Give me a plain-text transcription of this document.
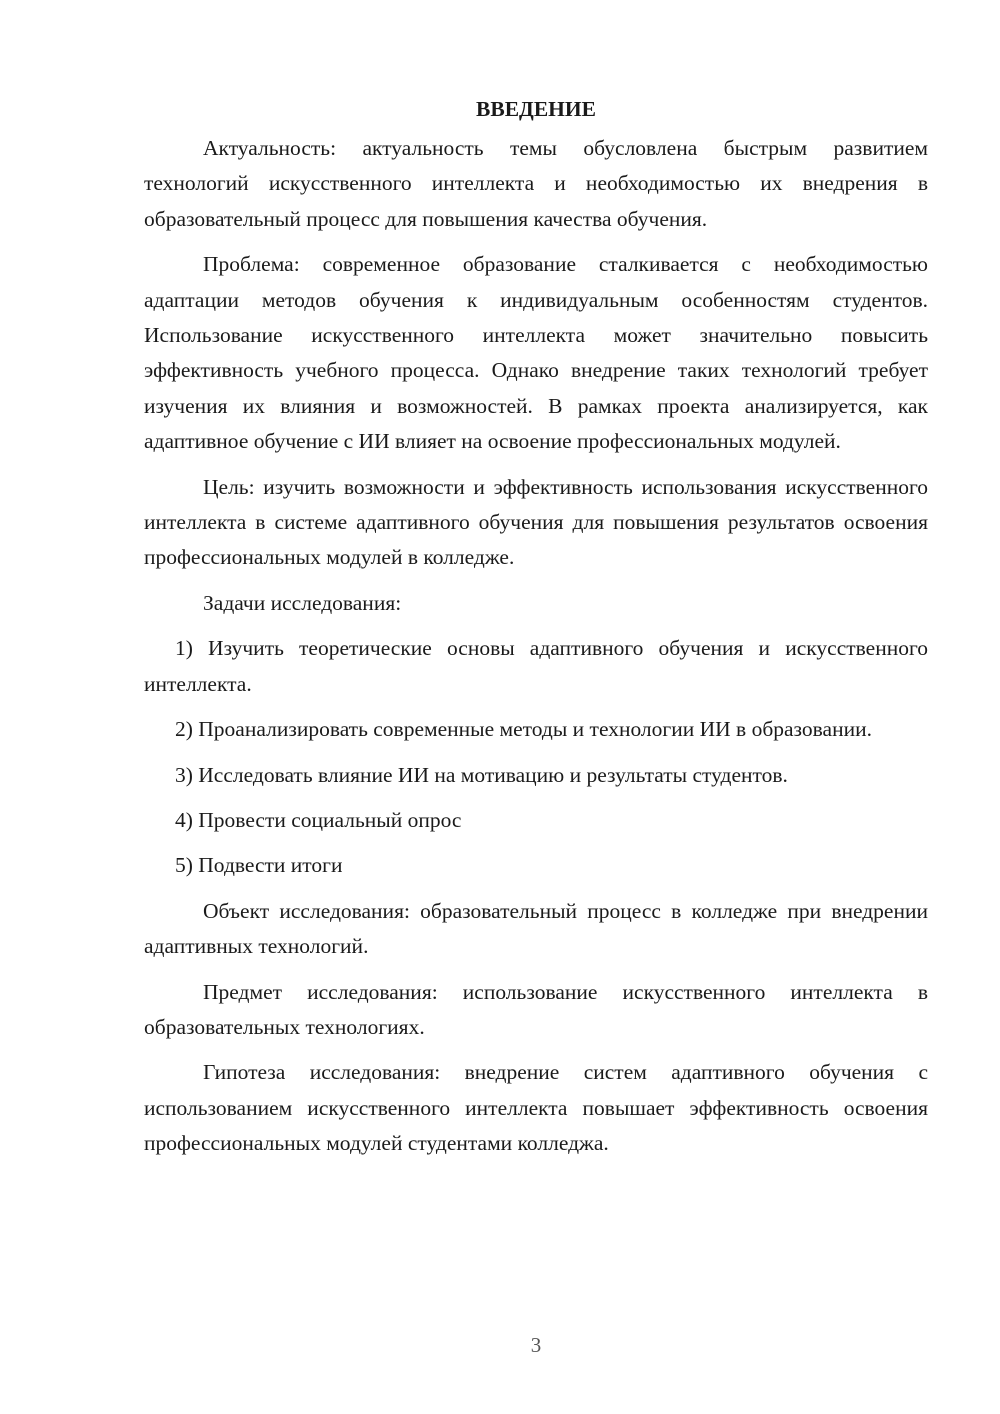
ВВЕДЕНИЕ

Актуальность: актуальность темы обусловлена быстрым развитием технологий искусственного интеллекта и необходимостью их внедрения в образовательный процесс для повышения качества обучения.

Проблема: современное образование сталкивается с необходимостью адаптации методов обучения к индивидуальным особенностям студентов. Использование искусственного интеллекта может значительно повысить эффективность учебного процесса. Однако внедрение таких технологий требует изучения их влияния и возможностей. В рамках проекта анализируется, как адаптивное обучение с ИИ влияет на освоение профессиональных модулей.

Цель: изучить возможности и эффективность использования искусственного интеллекта в системе адаптивного обучения для повышения результатов освоения профессиональных модулей в колледже.

Задачи исследования:

1) Изучить теоретические основы адаптивного обучения и искусственного интеллекта.

2) Проанализировать современные методы и технологии ИИ в образовании.

3) Исследовать влияние ИИ на мотивацию и результаты студентов.

4) Провести социальный опрос

5) Подвести итоги

Объект исследования: образовательный процесс в колледже при внедрении адаптивных технологий.

Предмет исследования: использование искусственного интеллекта в образовательных технологиях.

Гипотеза исследования: внедрение систем адаптивного обучения с использованием искусственного интеллекта повышает эффективность освоения профессиональных модулей студентами колледжа.

3
